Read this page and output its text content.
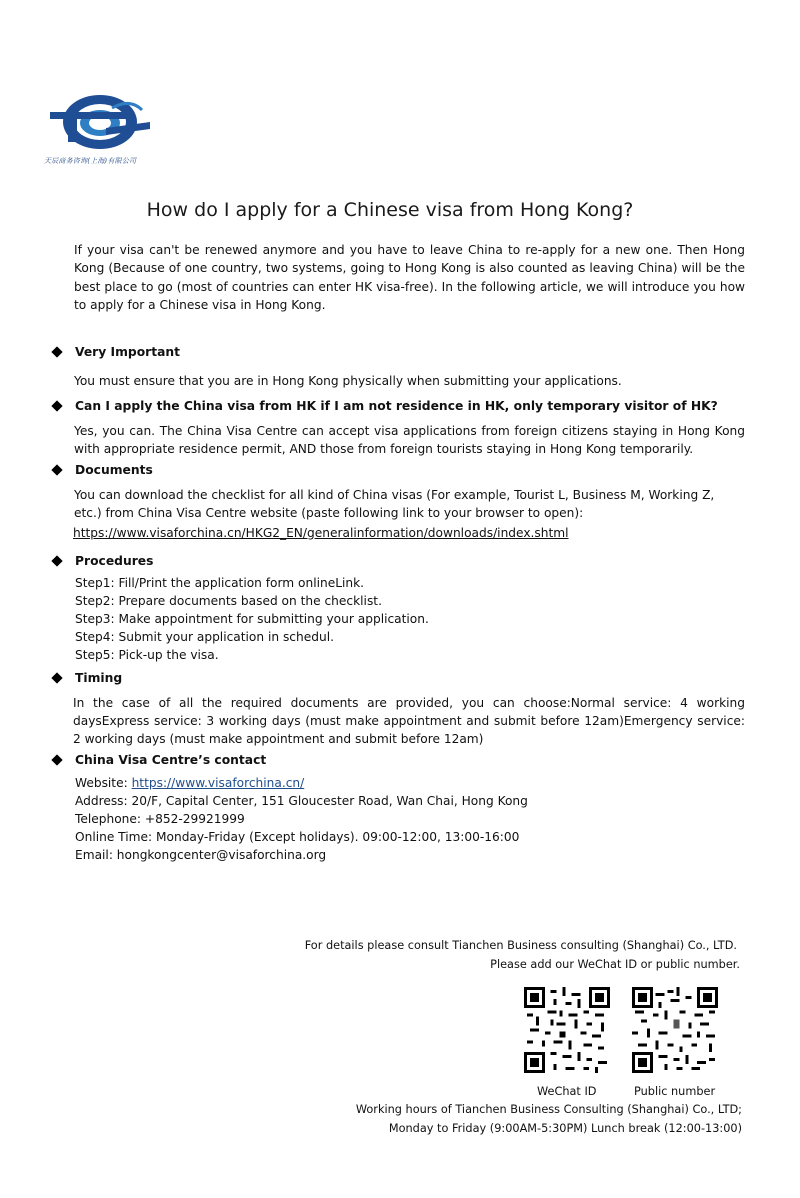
天辰商务咨询(上海)有限公司
How do I apply for a Chinese visa from Hong Kong?

If your visa can't be renewed anymore and you have to leave China to re-apply for a new one. Then Hong Kong (Because of one country, two systems, going to Hong Kong is also counted as leaving China) will be the best place to go (most of countries can enter HK visa-free). In the following article, we will introduce you how to apply for a Chinese visa in Hong Kong.

Very Important

You must ensure that you are in Hong Kong physically when submitting your applications.

Can I apply the China visa from HK if I am not residence in HK, only temporary visitor of HK?

Yes, you can. The China Visa Centre can accept visa applications from foreign citizens staying in Hong Kong with appropriate residence permit, AND those from foreign tourists staying in Hong Kong temporarily.

Documents

You can download the checklist for all kind of China visas (For example, Tourist L, Business M, Working Z, etc.) from China Visa Centre website (paste following link to your browser to open):

https://www.visaforchina.cn/HKG2_EN/generalinformation/downloads/index.shtml
Procedures
Step1: Fill/Print the application form onlineLink.
Step2: Prepare documents based on the checklist.
Step3: Make appointment for submitting your application.
Step4: Submit your application in schedul.
Step5: Pick-up the visa.
Timing

In the case of all the required documents are provided, you can choose:Normal service: 4 working daysExpress service: 3 working days (must make appointment and submit before 12am)Emergency service: 2 working days (must make appointment and submit before 12am)

China Visa Centre’s contact
Website: https://www.visaforchina.cn/
Address: 20/F, Capital Center, 151 Gloucester Road, Wan Chai, Hong Kong
Telephone: +852-29921999
Online Time: Monday-Friday (Except holidays). 09:00-12:00, 13:00-16:00
Email: hongkongcenter@visaforchina.org
For details please consult Tianchen Business consulting (Shanghai) Co., LTD.
Please add our WeChat ID or public number.
WeChat ID	Public number
Working hours of Tianchen Business Consulting (Shanghai) Co., LTD;
Monday to Friday (9:00AM-5:30PM) Lunch break (12:00-13:00)
